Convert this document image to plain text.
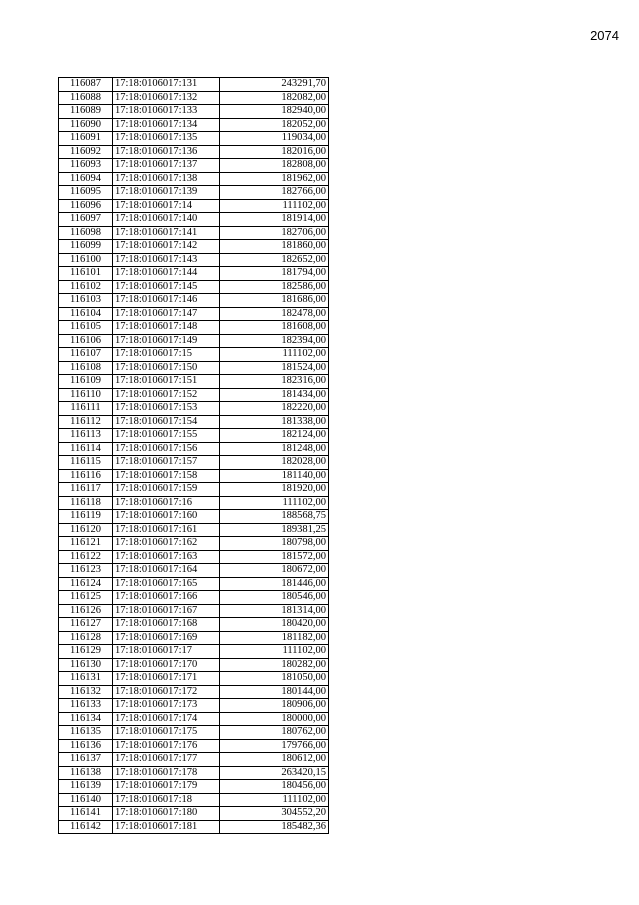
2074
116087	17:18:0106017:131	243291,70
116088	17:18:0106017:132	182082,00
116089	17:18:0106017:133	182940,00
116090	17:18:0106017:134	182052,00
116091	17:18:0106017:135	119034,00
116092	17:18:0106017:136	182016,00
116093	17:18:0106017:137	182808,00
116094	17:18:0106017:138	181962,00
116095	17:18:0106017:139	182766,00
116096	17:18:0106017:14	111102,00
116097	17:18:0106017:140	181914,00
116098	17:18:0106017:141	182706,00
116099	17:18:0106017:142	181860,00
116100	17:18:0106017:143	182652,00
116101	17:18:0106017:144	181794,00
116102	17:18:0106017:145	182586,00
116103	17:18:0106017:146	181686,00
116104	17:18:0106017:147	182478,00
116105	17:18:0106017:148	181608,00
116106	17:18:0106017:149	182394,00
116107	17:18:0106017:15	111102,00
116108	17:18:0106017:150	181524,00
116109	17:18:0106017:151	182316,00
116110	17:18:0106017:152	181434,00
116111	17:18:0106017:153	182220,00
116112	17:18:0106017:154	181338,00
116113	17:18:0106017:155	182124,00
116114	17:18:0106017:156	181248,00
116115	17:18:0106017:157	182028,00
116116	17:18:0106017:158	181140,00
116117	17:18:0106017:159	181920,00
116118	17:18:0106017:16	111102,00
116119	17:18:0106017:160	188568,75
116120	17:18:0106017:161	189381,25
116121	17:18:0106017:162	180798,00
116122	17:18:0106017:163	181572,00
116123	17:18:0106017:164	180672,00
116124	17:18:0106017:165	181446,00
116125	17:18:0106017:166	180546,00
116126	17:18:0106017:167	181314,00
116127	17:18:0106017:168	180420,00
116128	17:18:0106017:169	181182,00
116129	17:18:0106017:17	111102,00
116130	17:18:0106017:170	180282,00
116131	17:18:0106017:171	181050,00
116132	17:18:0106017:172	180144,00
116133	17:18:0106017:173	180906,00
116134	17:18:0106017:174	180000,00
116135	17:18:0106017:175	180762,00
116136	17:18:0106017:176	179766,00
116137	17:18:0106017:177	180612,00
116138	17:18:0106017:178	263420,15
116139	17:18:0106017:179	180456,00
116140	17:18:0106017:18	111102,00
116141	17:18:0106017:180	304552,20
116142	17:18:0106017:181	185482,36
